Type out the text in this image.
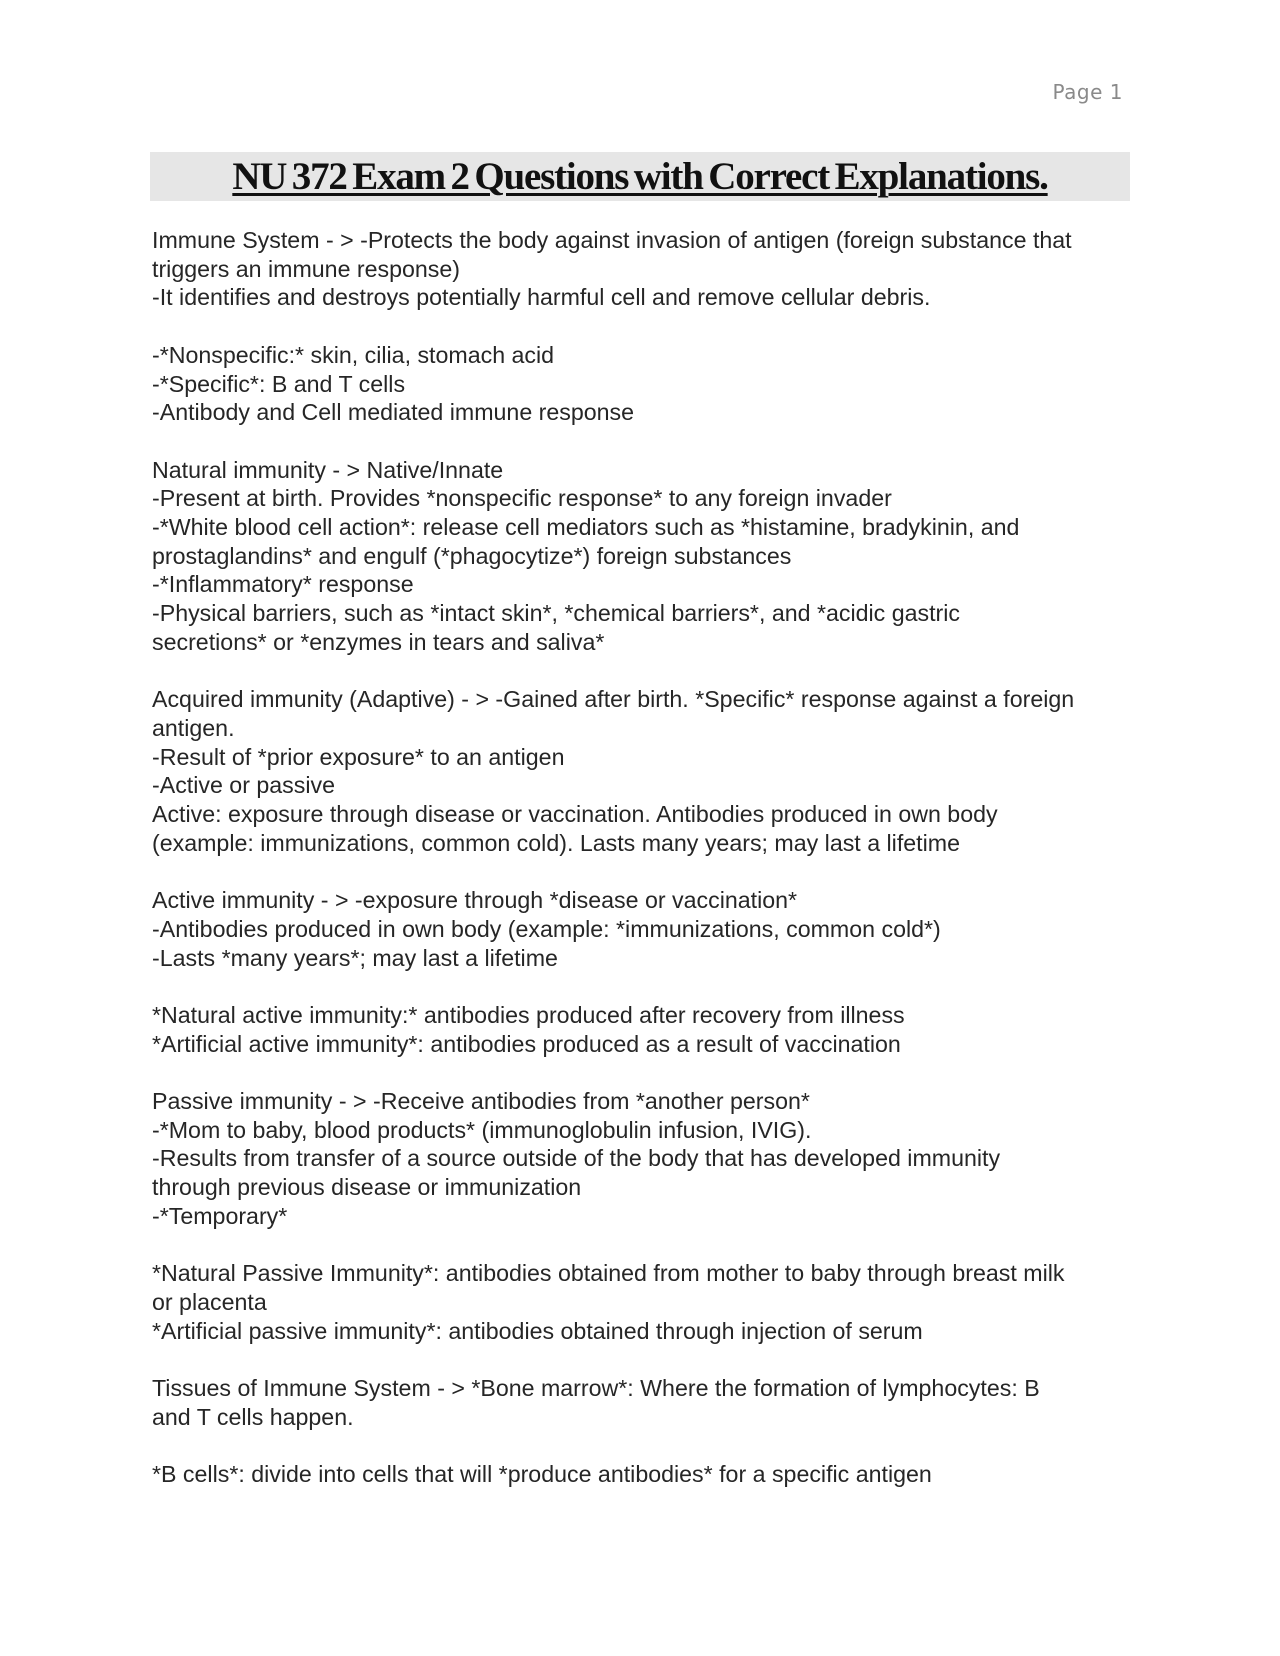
Page 1
NU 372 Exam 2 Questions with Correct Explanations.
Immune System - > -Protects the body against invasion of antigen (foreign substance that
triggers an immune response)
-It identifies and destroys potentially harmful cell and remove cellular debris.
-*Nonspecific:* skin, cilia, stomach acid
-*Specific*: B and T cells
-Antibody and Cell mediated immune response
Natural immunity - > Native/Innate
-Present at birth. Provides *nonspecific response* to any foreign invader
-*White blood cell action*: release cell mediators such as *histamine, bradykinin, and
prostaglandins* and engulf (*phagocytize*) foreign substances
-*Inflammatory* response
-Physical barriers, such as *intact skin*, *chemical barriers*, and *acidic gastric
secretions* or *enzymes in tears and saliva*
Acquired immunity (Adaptive) - > -Gained after birth. *Specific* response against a foreign
antigen.
-Result of *prior exposure* to an antigen
-Active or passive
Active: exposure through disease or vaccination. Antibodies produced in own body
(example: immunizations, common cold). Lasts many years; may last a lifetime
Active immunity - > -exposure through *disease or vaccination*
-Antibodies produced in own body (example: *immunizations, common cold*)
-Lasts *many years*; may last a lifetime
*Natural active immunity:* antibodies produced after recovery from illness
*Artificial active immunity*: antibodies produced as a result of vaccination
Passive immunity - > -Receive antibodies from *another person*
-*Mom to baby, blood products* (immunoglobulin infusion, IVIG).
-Results from transfer of a source outside of the body that has developed immunity
through previous disease or immunization
-*Temporary*
*Natural Passive Immunity*: antibodies obtained from mother to baby through breast milk
or placenta
*Artificial passive immunity*: antibodies obtained through injection of serum
Tissues of Immune System - > *Bone marrow*: Where the formation of lymphocytes: B
and T cells happen.
*B cells*: divide into cells that will *produce antibodies* for a specific antigen
